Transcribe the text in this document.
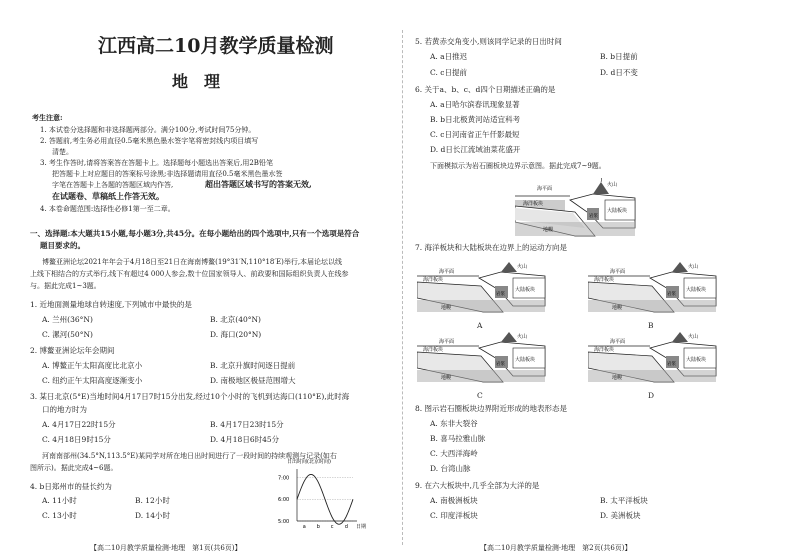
江西高二10月教学质量检测
地　理
考生注意:
1. 本试卷分选择题和非选择题两部分。满分100分,考试时间75分钟。
2. 答题前,考生务必用直径0.5毫米黑色墨水签字笔将密封线内项目填写
清楚。
3. 考生作答时,请将答案答在答题卡上。选择题每小题选出答案后,用2B铅笔
把答题卡上对应题目的答案标号涂黑;非选择题请用直径0.5毫米黑色墨水签
字笔在答题卡上各题的答题区域内作答,	超出答题区域书写的答案无效,
在试题卷、草稿纸上作答无效。
4. 本卷命题范围:选择性必修1第一至二章。
一、选择题:本大题共15小题,每小题3分,共45分。在每小题给出的四个选项中,只有一个选项是符合
题目要求的。
博鳌亚洲论坛2021年年会于4月18日至21日在海南博鳌(19°31′N,110°18′E)举行,本届论坛以线
上线下相结合的方式举行,线下有超过4 000人参会,数十位国家领导人、前政要和国际组织负责人在线参
与。据此完成1~3题。
1. 近地面测量地球自转速度,下列城市中最快的是
A. 兰州(36°N)	B. 北京(40°N)
C. 漯河(50°N)	D. 海口(20°N)
2. 博鳌亚洲论坛年会期间
A. 博鳌正午太阳高度比北京小	B. 北京升旗时间逐日提前
C. 纽约正午太阳高度逐渐变小	D. 南极地区极昼范围增大
3. 某日北京(5°E)当地时间4月17日7时15分出发,经过10个小时的飞机到达海口(110°E),此时海
口的地方时为
A. 4月17日22时15分	B. 4月17日23时15分
C. 4月18日9时15分	D. 4月18日6时45分
河南南部州(34.5°N,113.5°E)某同学对所在地日出时间进行了一段时间的持续观测与记录(如右
图所示)。据此完成4~6题。
4. b日郑州市的昼长约为
A. 11小时	B. 12小时
C. 13小时	D. 14小时
日出时间(北京时间)
5:00
6:00
7:00
a b c d 日期
【高二10月教学质量检测·地理　第1页(共6页)】
5. 若黄赤交角变小,则该同学记录的日出时间
A. a日推迟	B. b日提前
C. c日提前	D. d日不变
6. 关于a、b、c、d四个日期描述正确的是
A. a日哈尔滨春讯现象显著
B. b日北极黄河站适宜科考
C. c日河南省正午仟影最短
D. d日长江流域油菜花盛开
下面模拟示为岩石圈板块边界示意图。据此完成7~9题。
海平面
火山
海洋板块
岩浆
大陆板块
地幔
7. 海洋板块和大陆板块在边界上的运动方向是
海平面
火山
海洋板块
岩浆
大陆板块
地幔
A
海平面
火山
海洋板块
岩浆
大陆板块
地幔
B
海平面
火山
海洋板块
岩浆
大陆板块
地幔
C
海平面
火山
海洋板块
岩浆
大陆板块
地幔
D
8. 图示岩石圈板块边界附近形成的地表形态是
A. 东非大裂谷
B. 喜马拉雅山脉
C. 大西洋海岭
D. 台湾山脉
9. 在六大板块中,几乎全部为大洋的是
A. 南极洲板块	B. 太平洋板块
C. 印度洋板块	D. 美洲板块
【高二10月教学质量检测·地理　第2页(共6页)】
